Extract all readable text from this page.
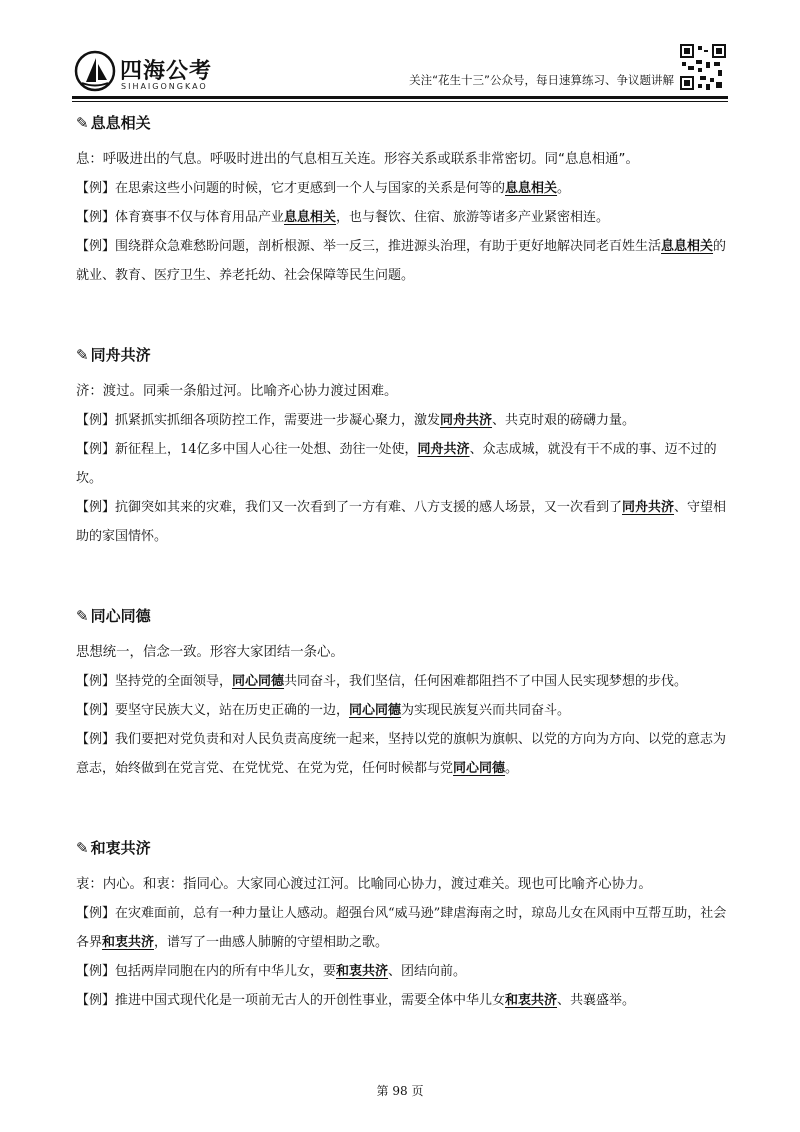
四海公考
SIHAIGONGKAO	关注“花生十三”公众号，每日速算练习、争议题讲解
✎ 息息相关

息：呼吸进出的气息。呼吸时进出的气息相互关连。形容关系或联系非常密切。同“息息相通”。

【例】在思索这些小问题的时候，它才更感到一个人与国家的关系是何等的息息相关。

【例】体育赛事不仅与体育用品产业息息相关，也与餐饮、住宿、旅游等诸多产业紧密相连。

【例】围绕群众急难愁盼问题，剖析根源、举一反三，推进源头治理，有助于更好地解决同老百姓生活息息相关的就业、教育、医疗卫生、养老托幼、社会保障等民生问题。

✎ 同舟共济

济：渡过。同乘一条船过河。比喻齐心协力渡过困难。

【例】抓紧抓实抓细各项防控工作，需要进一步凝心聚力，激发同舟共济、共克时艰的磅礴力量。

【例】新征程上，14亿多中国人心往一处想、劲往一处使，同舟共济、众志成城，就没有干不成的事、迈不过的坎。

【例】抗御突如其来的灾难，我们又一次看到了一方有难、八方支援的感人场景，又一次看到了同舟共济、守望相助的家国情怀。

✎ 同心同德

思想统一，信念一致。形容大家团结一条心。

【例】坚持党的全面领导，同心同德共同奋斗，我们坚信，任何困难都阻挡不了中国人民实现梦想的步伐。

【例】要坚守民族大义，站在历史正确的一边，同心同德为实现民族复兴而共同奋斗。

【例】我们要把对党负责和对人民负责高度统一起来，坚持以党的旗帜为旗帜、以党的方向为方向、以党的意志为意志，始终做到在党言党、在党忧党、在党为党，任何时候都与党同心同德。

✎ 和衷共济

衷：内心。和衷：指同心。大家同心渡过江河。比喻同心协力，渡过难关。现也可比喻齐心协力。

【例】在灾难面前，总有一种力量让人感动。超强台风“威马逊”肆虐海南之时，琼岛儿女在风雨中互帮互助，社会各界和衷共济，谱写了一曲感人肺腑的守望相助之歌。

【例】包括两岸同胞在内的所有中华儿女，要和衷共济、团结向前。

【例】推进中国式现代化是一项前无古人的开创性事业，需要全体中华儿女和衷共济、共襄盛举。

第 98 页
